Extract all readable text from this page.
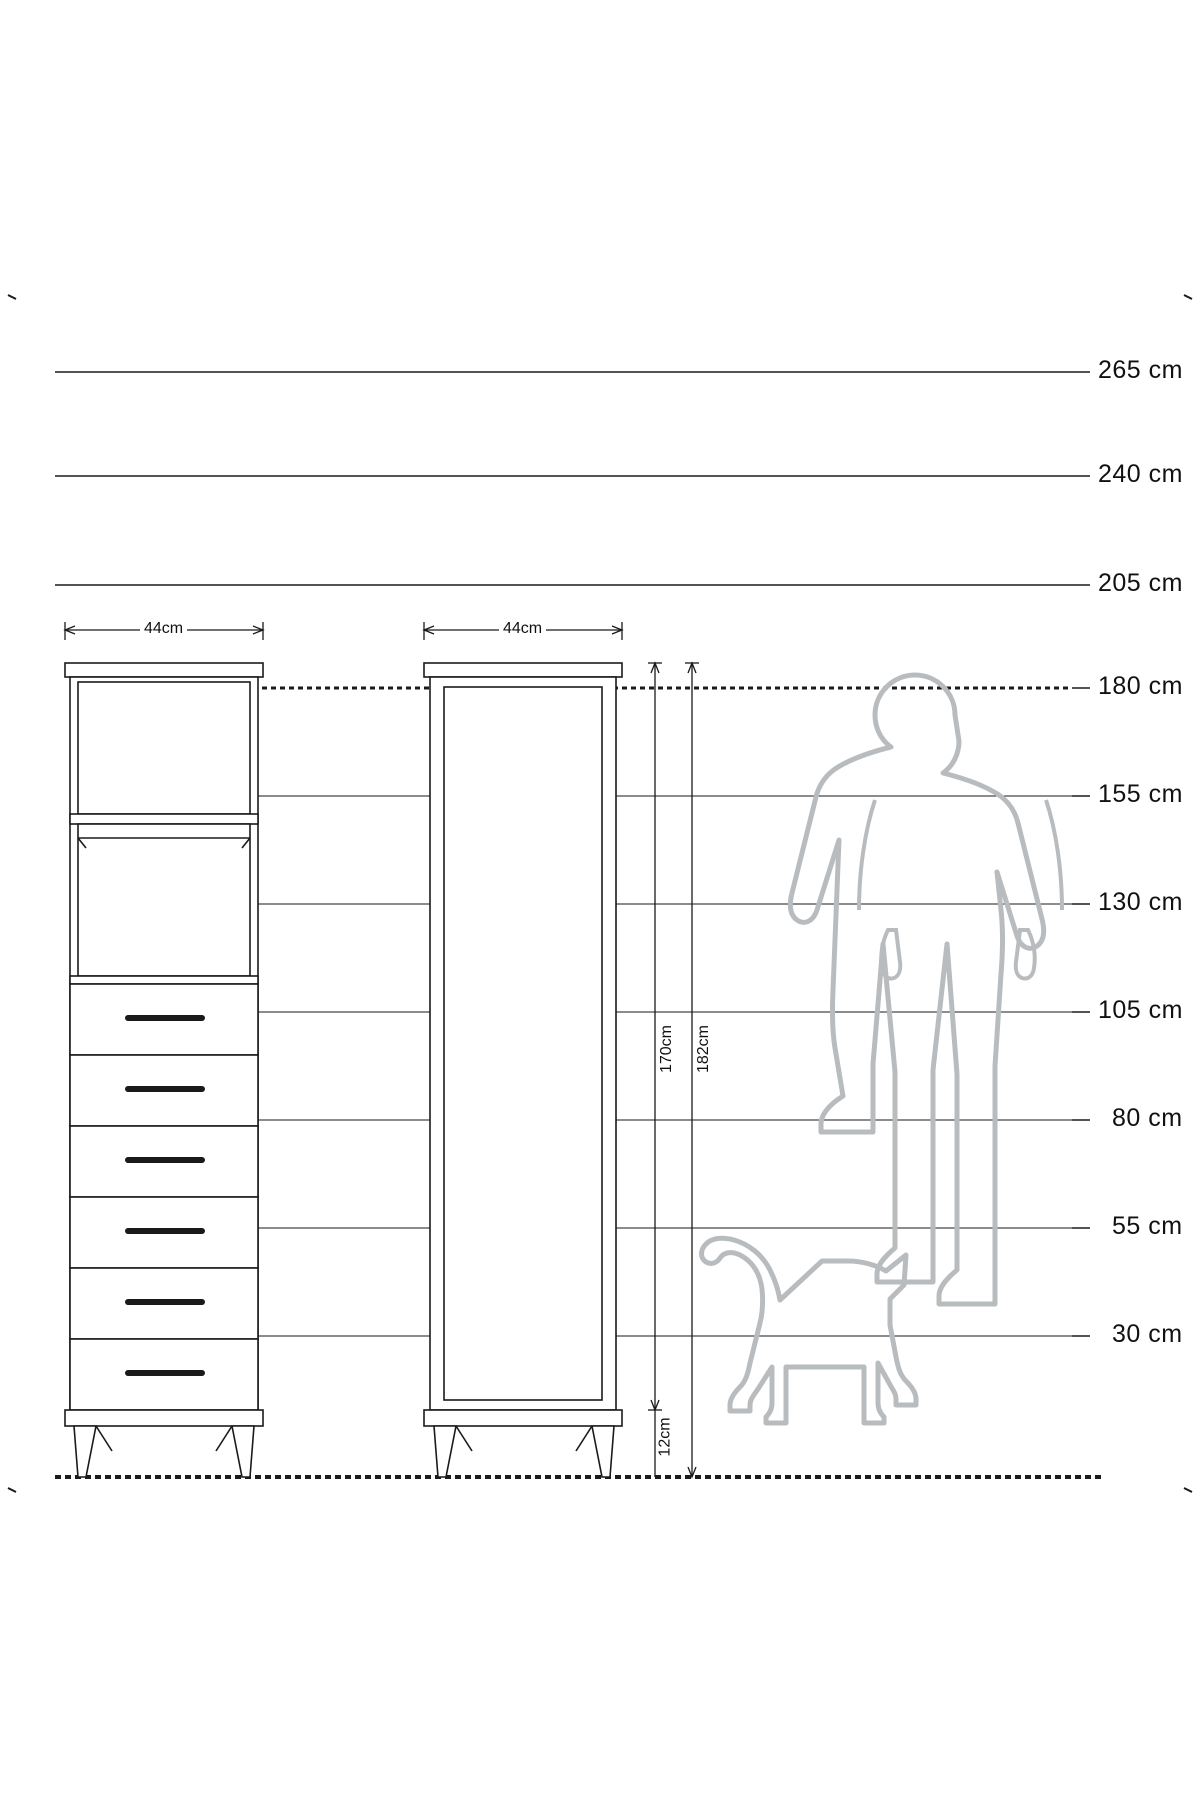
265 cm
240 cm
205 cm
180 cm
155 cm
130 cm
105 cm
80 cm
55 cm
30 cm
44cm	44cm
170cm 182cm
12cm
